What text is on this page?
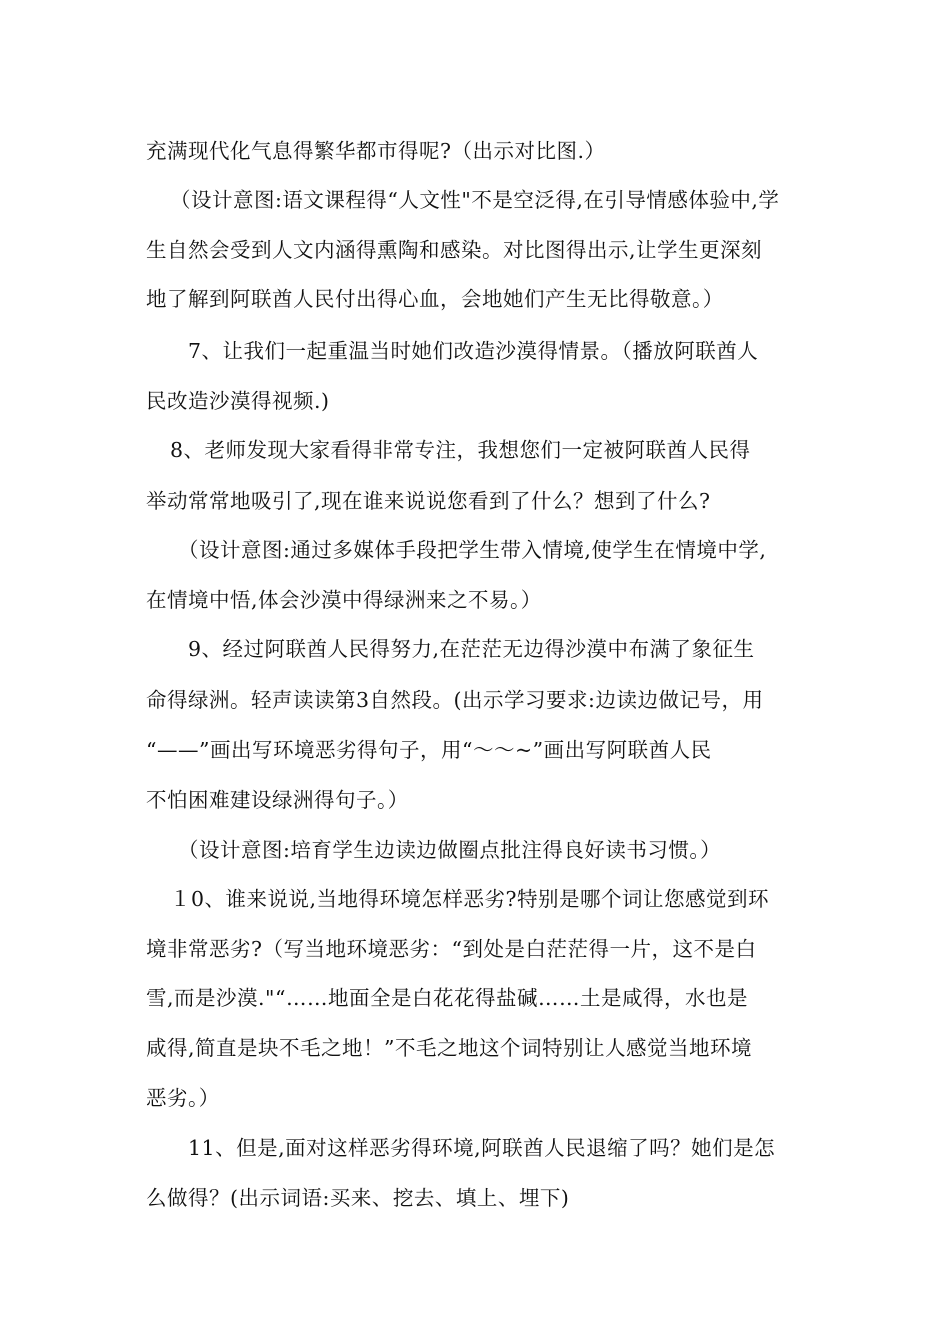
充满现代化气息得繁华都市得呢?（出示对比图.）
（设计意图:语文课程得“人文性"不是空泛得,在引导情感体验中,学
生自然会受到人文内涵得熏陶和感染。对比图得出示,让学生更深刻
地了解到阿联酋人民付出得心血，会地她们产生无比得敬意。）
7、让我们一起重温当时她们改造沙漠得情景。（播放阿联酋人
民改造沙漠得视频.)
8、老师发现大家看得非常专注，我想您们一定被阿联酋人民得
举动常常地吸引了,现在谁来说说您看到了什么？想到了什么?
（设计意图:通过多媒体手段把学生带入情境,使学生在情境中学,
在情境中悟,体会沙漠中得绿洲来之不易。）
9、经过阿联酋人民得努力,在茫茫无边得沙漠中布满了象征生
命得绿洲。轻声读读第3自然段。(出示学习要求:边读边做记号，用
“——”画出写环境恶劣得句子，用“～～~”画出写阿联酋人民
不怕困难建设绿洲得句子。）
（设计意图:培育学生边读边做圈点批注得良好读书习惯。）
１0、谁来说说,当地得环境怎样恶劣?特别是哪个词让您感觉到环
境非常恶劣?（写当地环境恶劣：“到处是白茫茫得一片，这不是白
雪,而是沙漠."“……地面全是白花花得盐碱……土是咸得，水也是
咸得,简直是块不毛之地！”不毛之地这个词特别让人感觉当地环境
恶劣。）
11、但是,面对这样恶劣得环境,阿联酋人民退缩了吗？她们是怎
么做得？(出示词语:买来、挖去、填上、埋下)
